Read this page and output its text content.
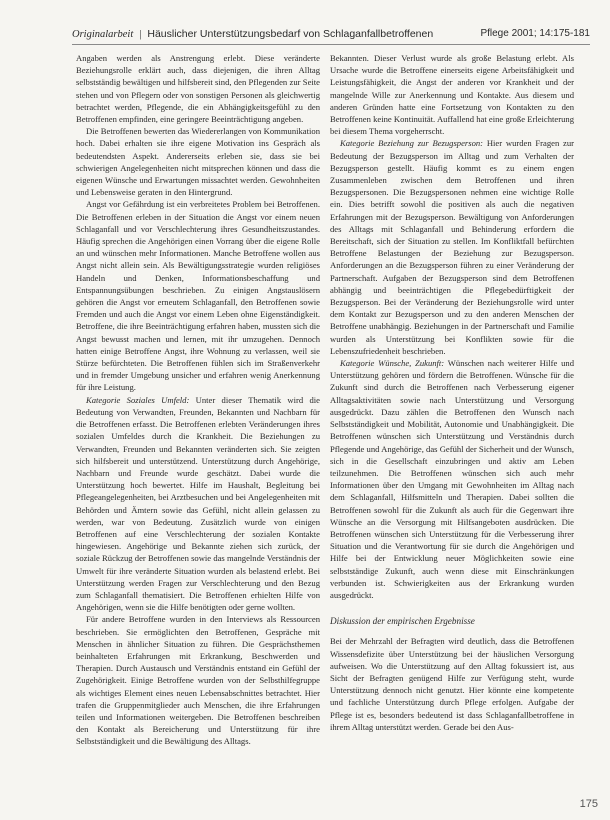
Originalarbeit | Häuslicher Unterstützungsbedarf von Schlaganfallbetroffenen	Pflege 2001; 14:175-181

Angaben werden als Anstrengung erlebt. Diese veränderte Beziehungsrolle erklärt auch, dass diejenigen, die ihren Alltag selbstständig bewältigen und hilfsbereit sind, den Pflegenden zur Seite stehen und von Pflegern oder von sonstigen Personen als gleichwertig betrachtet werden, Pflegende, die ein Abhängigkeitsgefühl zu den Betroffenen empfinden, eine geringere Beeinträchtigung angeben.

Die Betroffenen bewerten das Wiedererlangen von Kommunikation hoch. Dabei erhalten sie ihre eigene Motivation ins Gespräch als bedeutendsten Aspekt. Andererseits erleben sie, dass sie bei schwierigen Angelegenheiten nicht mitsprechen können und dass die eigenen Wünsche und Erwartungen missachtet werden. Gewohnheiten und Lebensweise geraten in den Hintergrund.

Angst vor Gefährdung ist ein verbreitetes Problem bei Betroffenen. Die Betroffenen erleben in der Situation die Angst vor einem neuen Schlaganfall und vor Verschlechterung ihres Gesundheitszustandes. Häufig sprechen die Angehörigen einen Vorrang über die eigene Rolle an und wünschen mehr Informationen. Manche Betroffene wollen aus Angst nicht allein sein. Als Bewältigungsstrategie wurden religiöses Handeln und Denken, Informationsbeschaffung und Entspannungsübungen beschrieben. Zu einigen Angstauslösern gehören die Angst vor erneutem Schlaganfall, den Betroffenen sowie Fremden und auch die Angst vor einem Leben ohne Eigenständigkeit. Betroffene, die ihre Beeinträchtigung erfahren haben, mussten sich die Angst bewusst machen und lernen, mit ihr umzugehen. Dennoch hatten einige Betroffene Angst, ihre Wohnung zu verlassen, weil sie Stürze befürchteten. Die Betroffenen fühlen sich im Straßenverkehr und in fremder Umgebung unsicher und erfahren wenig Anerkennung für ihre Leistung.

Kategorie Soziales Umfeld: Unter dieser Thematik wird die Bedeutung von Verwandten, Freunden, Bekannten und Nachbarn für die Betroffenen erfasst. Die Betroffenen erlebten Veränderungen ihres sozialen Umfeldes durch die Krankheit. Die Beziehungen zu Verwandten, Freunden und Bekannten veränderten sich. Sie zeigten sich hilfsbereit und unterstützend. Unterstützung durch Angehörige, Nachbarn und Freunde wurde geschätzt. Dabei wurde die Unterstützung hoch bewertet. Hilfe im Haushalt, Begleitung bei Pflegeangelegenheiten, bei Arztbesuchen und bei Angelegenheiten mit Behörden und Ämtern sowie das Gefühl, nicht allein gelassen zu werden, war von Bedeutung. Zusätzlich wurde von einigen Betroffenen auf eine Verschlechterung der sozialen Kontakte hingewiesen. Angehörige und Bekannte ziehen sich zurück, der soziale Rückzug der Betroffenen sowie das mangelnde Verständnis der Umwelt für ihre veränderte Situation wurden als belastend erlebt. Bei Unterstützung werden Fragen zur Verschlechterung und den Bezug zum Schlaganfall thematisiert. Die Betroffenen erhielten Hilfe von Angehörigen, wenn sie die Hilfe benötigten oder gerne wollten.

Für andere Betroffene wurden in den Interviews als Ressourcen beschrieben. Sie ermöglichten den Betroffenen, Gespräche mit Menschen in ähnlicher Situation zu führen. Die Gesprächsthemen beinhalteten Erfahrungen mit Erkrankung, Beschwerden und Therapien. Durch Austausch und Verständnis entstand ein Gefühl der Zugehörigkeit. Einige Betroffene wurden von der Selbsthilfegruppe als wichtiges Element eines neuen Lebensabschnittes betrachtet. Hier trafen die Gruppenmitglieder auch Menschen, die ihre Erfahrungen teilen und Informationen weitergeben. Die Betroffenen beschreiben den Kontakt als Bereicherung und Unterstützung für ihre Selbstständigkeit und die Bewältigung des Alltags.

Bekannten. Dieser Verlust wurde als große Belastung erlebt. Als Ursache wurde die Betroffene einerseits eigene Arbeitsfähigkeit und Leistungsfähigkeit, die Angst der anderen vor Krankheit und der mangelnde Wille zur Anerkennung und Kontakte. Aus diesem und anderen Gründen hatte eine Fortsetzung von Kontakten zu den Betroffenen keine Kontinuität. Auffallend hat eine große Erleichterung bei diesem Thema vorgeherrscht.

Kategorie Beziehung zur Bezugsperson: Hier wurden Fragen zur Bedeutung der Bezugsperson im Alltag und zum Verhalten der Bezugsperson gestellt. Häufig kommt es zu einem engen Zusammenleben zwischen dem Betroffenen und ihren Bezugspersonen. Die Bezugspersonen nehmen eine wichtige Rolle ein. Dies betrifft sowohl die positiven als auch die negativen Erfahrungen mit der Bezugsperson. Bewältigung von Anforderungen des Alltags mit Schlaganfall und Behinderung erfordern die Bereitschaft, sich der Situation zu stellen. Im Konfliktfall befürchten Betroffene Belastungen der Beziehung zur Bezugsperson. Anforderungen an die Bezugsperson führen zu einer Veränderung der Partnerschaft. Aufgaben der Bezugsperson sind dem Betroffenen abhängig und beeinträchtigen die Pflegebedürftigkeit der Bezugsperson. Bei der Veränderung der Beziehungsrolle wird unter dem Kontakt zur Bezugsperson und zu den anderen Menschen der Betroffene unabhängig. Beziehungen in der Partnerschaft und Familie wurden als Unterstützung bei Konflikten sowie für die Lebenszufriedenheit beschrieben.

Kategorie Wünsche, Zukunft: Wünschen nach weiterer Hilfe und Unterstützung gehören und fördern die Betroffenen. Wünsche für die Zukunft sind durch die Betroffenen nach Verbesserung eigener Alltagsaktivitäten sowie nach Unterstützung und Versorgung ausgedrückt. Dazu zählen die Betroffenen den Wunsch nach Selbstständigkeit und Mobilität, Autonomie und Unabhängigkeit. Die Betroffenen wünschen sich Unterstützung und Verständnis durch Pflegende und Angehörige, das Gefühl der Sicherheit und der Wunsch, sich in die Gesellschaft einzubringen und aktiv am Leben teilzunehmen. Die Betroffenen wünschen sich auch mehr Informationen über den Umgang mit Gewohnheiten im Alltag nach dem Schlaganfall, Hilfsmitteln und Therapien. Dabei sollten die Betroffenen sowohl für die Zukunft als auch für die Gegenwart ihre Wünsche an die Versorgung mit Hilfsangeboten ausdrücken. Die Betroffenen wünschen sich Unterstützung für die Verbesserung ihrer Situation und die Verantwortung für sie durch die Angehörigen und Hilfe bei der Entwicklung neuer Möglichkeiten sowie eine selbstständige Zukunft, auch wenn diese mit Einschränkungen verbunden ist. Schwierigkeiten aus der Erkrankung wurden ausgedrückt.

Diskussion der empirischen Ergebnisse

Bei der Mehrzahl der Befragten wird deutlich, dass die Betroffenen Wissensdefizite über Unterstützung bei der häuslichen Versorgung aufweisen. Wo die Unterstützung auf den Alltag fokussiert ist, aus Sicht der Befragten genügend Hilfe zur Verfügung steht, wurde Unterstützung dennoch nicht genutzt. Hier könnte eine kompetente und fachliche Unterstützung durch Pflege erfolgen. Aufgabe der Pflege ist es, besonders bedeutend ist dass Schlaganfallbetroffene in ihrem Alltag unterstützt werden. Gerade bei den Aus-

175
